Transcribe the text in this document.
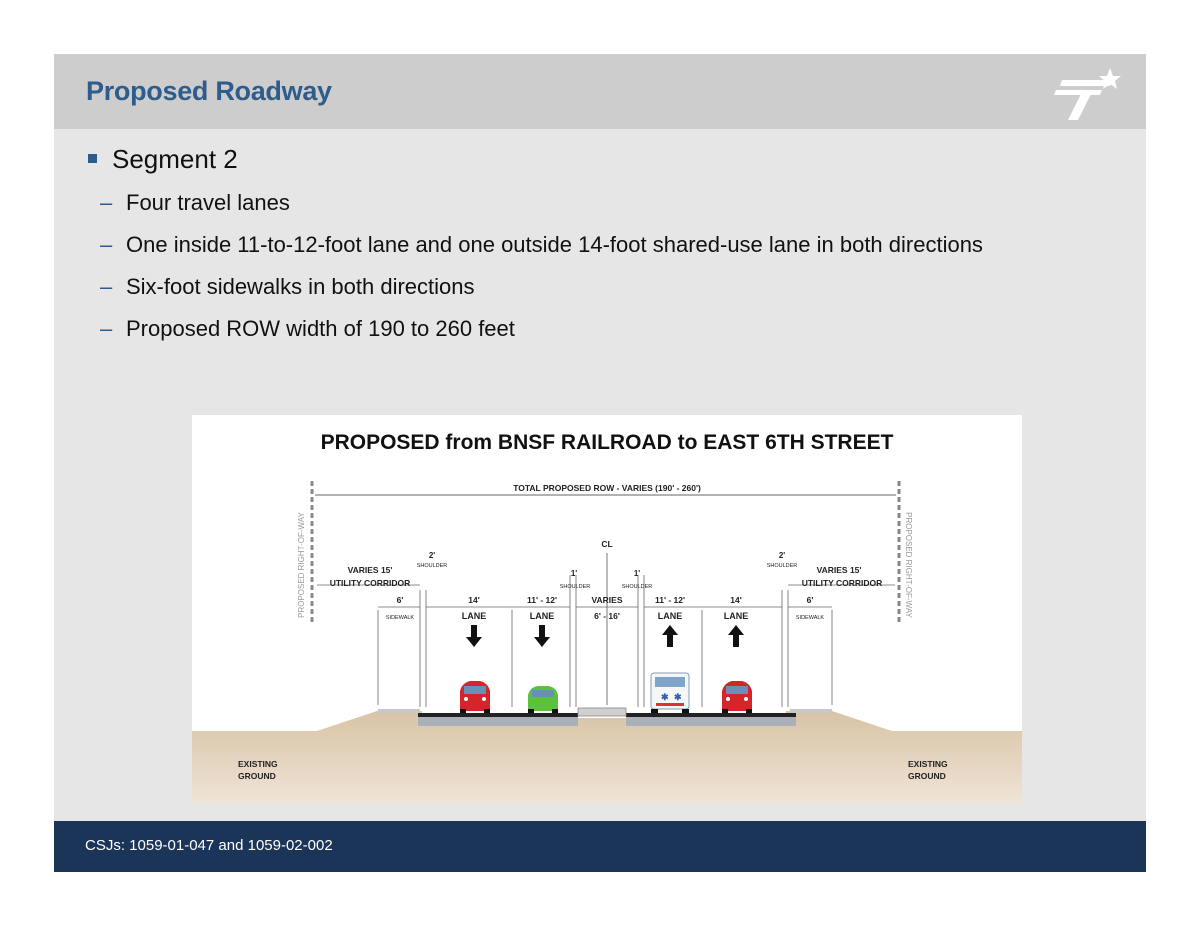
Proposed Roadway
Segment 2
– Four travel lanes
– One inside 11-to-12-foot lane and one outside 14-foot shared-use lane in both directions
– Six-foot sidewalks in both directions
– Proposed ROW width of 190 to 260 feet
PROPOSED from BNSF RAILROAD to EAST 6TH STREET
PROPOSED RIGHT-OF-WAY	PROPOSED RIGHT-OF-WAY
TOTAL PROPOSED ROW - VARIES (190' - 260')
CL
VARIES 15'
UTILITY CORRIDOR
VARIES 15'
UTILITY CORRIDOR
2'
SHOULDER
2'
SHOULDER
1'
SHOULDER
1'
SHOULDER
6'
SIDEWALK
6'
SIDEWALK
14'
LANE
11' - 12'
LANE
11' - 12'
LANE
14'
LANE
VARIES
6' - 16'
✱ ✱
EXISTING
GROUND
EXISTING
GROUND
CSJs: 1059-01-047 and 1059-02-002
